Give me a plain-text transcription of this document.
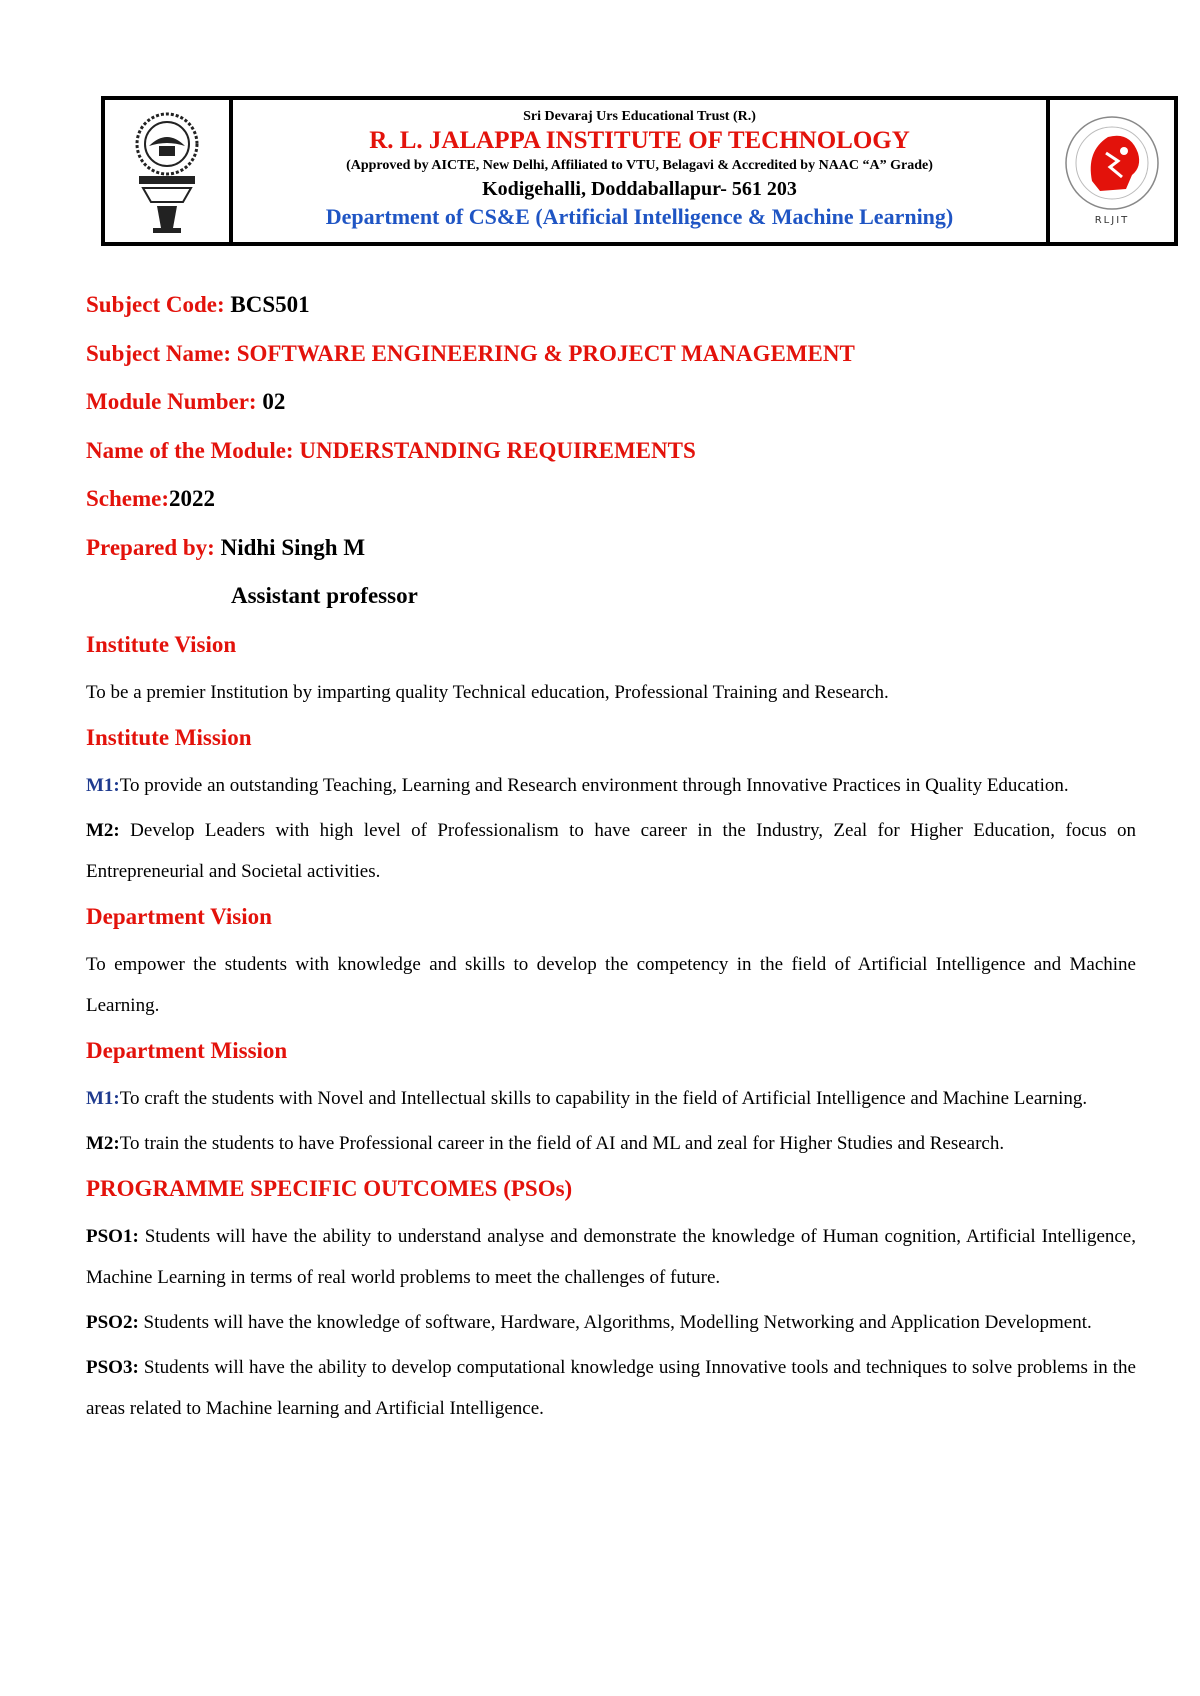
Sri Devaraj Urs Educational Trust (R.)
R. L. JALAPPA INSTITUTE OF TECHNOLOGY
(Approved by AICTE, New Delhi, Affiliated to VTU, Belagavi & Accredited by NAAC “A” Grade)
Kodigehalli, Doddaballapur- 561 203
Department of CS&E (Artificial Intelligence & Machine Learning)	RLJIT
Subject Code: BCS501
Subject Name: SOFTWARE ENGINEERING & PROJECT MANAGEMENT
Module Number: 02
Name of the Module: UNDERSTANDING REQUIREMENTS
Scheme:2022
Prepared by: Nidhi Singh M
Assistant professor
Institute Vision
To be a premier Institution by imparting quality Technical education, Professional Training and Research.
Institute Mission
M1:To provide an outstanding Teaching, Learning and Research environment through Innovative Practices in Quality Education.
M2: Develop Leaders with high level of Professionalism to have career in the Industry, Zeal for Higher Education, focus on Entrepreneurial and Societal activities.
Department Vision
To empower the students with knowledge and skills to develop the competency in the field of Artificial Intelligence and Machine Learning.
Department Mission
M1:To craft the students with Novel and Intellectual skills to capability in the field of Artificial Intelligence and Machine Learning.
M2:To train the students to have Professional career in the field of AI and ML and zeal for Higher Studies and Research.
PROGRAMME SPECIFIC OUTCOMES (PSOs)
PSO1: Students will have the ability to understand analyse and demonstrate the knowledge of Human cognition, Artificial Intelligence, Machine Learning in terms of real world problems to meet the challenges of future.
PSO2: Students will have the knowledge of software, Hardware, Algorithms, Modelling Networking and Application Development.
PSO3: Students will have the ability to develop computational knowledge using Innovative tools and techniques to solve problems in the areas related to Machine learning and Artificial Intelligence.
